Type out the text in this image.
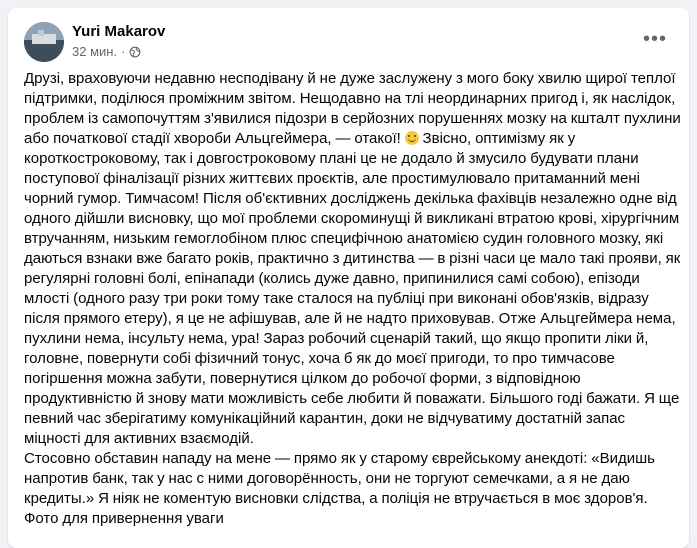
Yuri Makarov
32 мин. ·
•••

Друзі, враховуючи недавню несподівану й не дуже заслужену з мого боку хвилю щирої теплої підтримки, поділюся проміжним звітом. Нещодавно на тлі неординарних пригод і, як наслідок, проблем із самопочуттям з'явилися підозри в серйозних порушеннях мозку на кшталт пухлини або початкової стадії хвороби Альцгеймера, — отакої! Звісно, оптимізму як у короткостроковому, так і довгостроковому плані це не додало й змусило будувати плани поступової фіналізації різних життєвих проєктів, але простимулювало притаманний мені чорний гумор. Тимчасом! Після об'єктивних досліджень декілька фахівців незалежно одне від одного дійшли висновку, що мої проблеми скороминущі й викликані втратою крові, хірургічним втручанням, низьким гемоглобіном плюс специфічною анатомією судин головного мозку, які даються взнаки вже багато років, практично з дитинства — в різні часи це мало такі прояви, як регулярні головні болі, епінапади (колись дуже давно, припинилися самі собою), епізоди млості (одного разу три роки тому таке сталося на публіці при виконані обов'язків, відразу після прямого етеру), я це не афішував, але й не надто приховував. Отже Альцгеймера нема, пухлини нема, інсульту нема, ура! Зараз робочий сценарій такий, що якщо пропити ліки й, головне, повернути собі фізичний тонус, хоча б як до моєї пригоди, то про тимчасове погіршення можна забути, повернутися цілком до робочої форми, з відповідною продуктивністю й знову мати можливість себе любити й поважати. Більшого годі бажати. Я ще певний час зберігатиму комунікаційний карантин, доки не відчуватиму достатній запас міцності для активних взаємодій.

Стосовно обставин нападу на мене — прямо як у старому єврейському анекдоті: «Видишь напротив банк, так у нас с ними договорённость, они не торгуют семечками, а я не даю кредиты.» Я ніяк не коментую висновки слідства, а поліція не втручається в моє здоров'я.

Фото для привернення уваги
